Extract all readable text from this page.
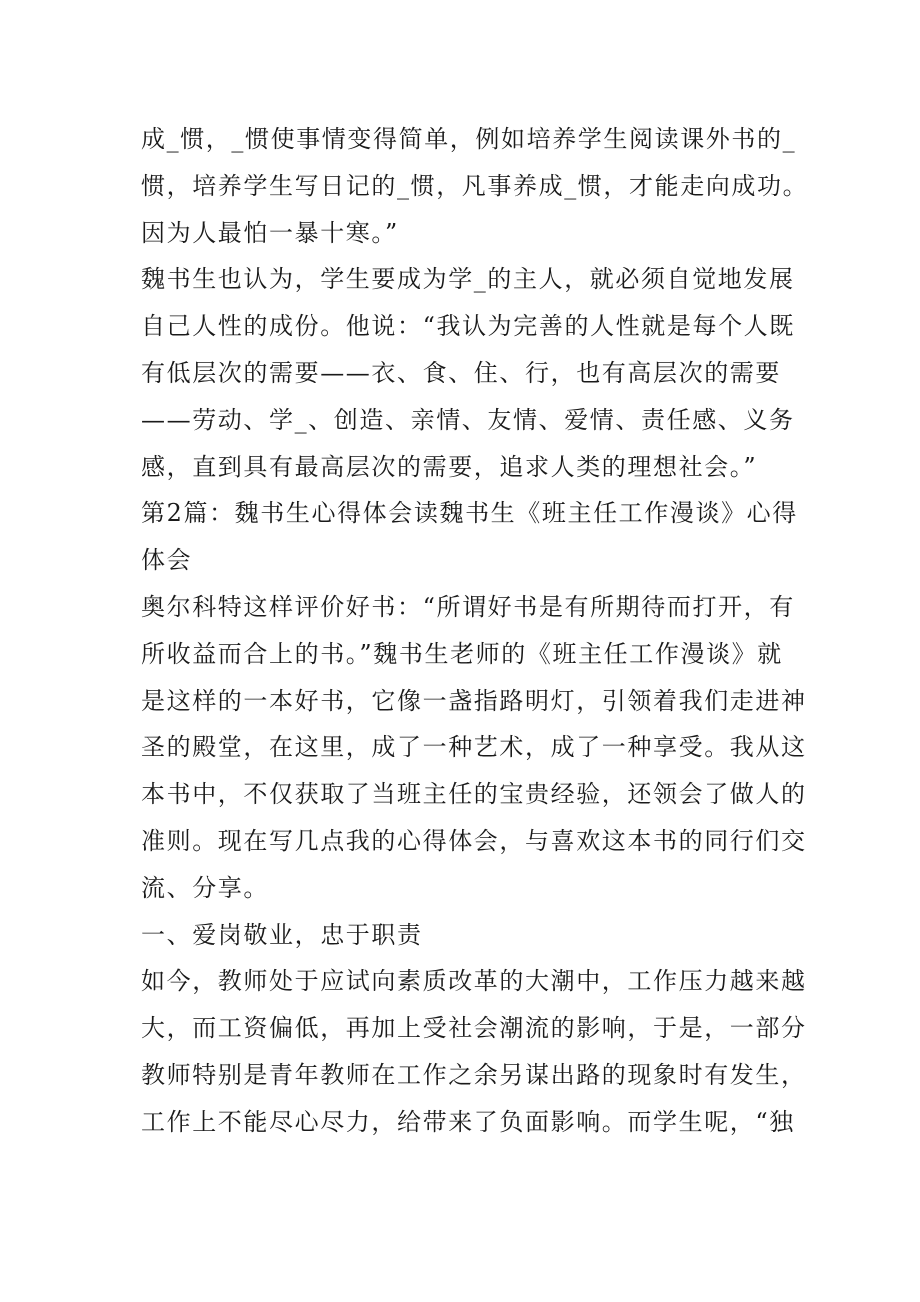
成_惯，_惯使事情变得简单，例如培养学生阅读课外书的_
惯，培养学生写日记的_惯，凡事养成_惯，才能走向成功。
因为人最怕一暴十寒。”
魏书生也认为，学生要成为学_的主人，就必须自觉地发展
自己人性的成份。他说：“我认为完善的人性就是每个人既
有低层次的需要——衣、食、住、行，也有高层次的需要
——劳动、学_、创造、亲情、友情、爱情、责任感、义务
感，直到具有最高层次的需要，追求人类的理想社会。”
第2篇：魏书生心得体会读魏书生《班主任工作漫谈》心得
体会
奥尔科特这样评价好书：“所谓好书是有所期待而打开，有
所收益而合上的书。”魏书生老师的《班主任工作漫谈》就
是这样的一本好书，它像一盏指路明灯，引领着我们走进神
圣的殿堂，在这里，成了一种艺术，成了一种享受。我从这
本书中，不仅获取了当班主任的宝贵经验，还领会了做人的
准则。现在写几点我的心得体会，与喜欢这本书的同行们交
流、分享。
一、爱岗敬业，忠于职责
如今，教师处于应试向素质改革的大潮中，工作压力越来越
大，而工资偏低，再加上受社会潮流的影响，于是，一部分
教师特别是青年教师在工作之余另谋出路的现象时有发生，
工作上不能尽心尽力，给带来了负面影响。而学生呢，“独
